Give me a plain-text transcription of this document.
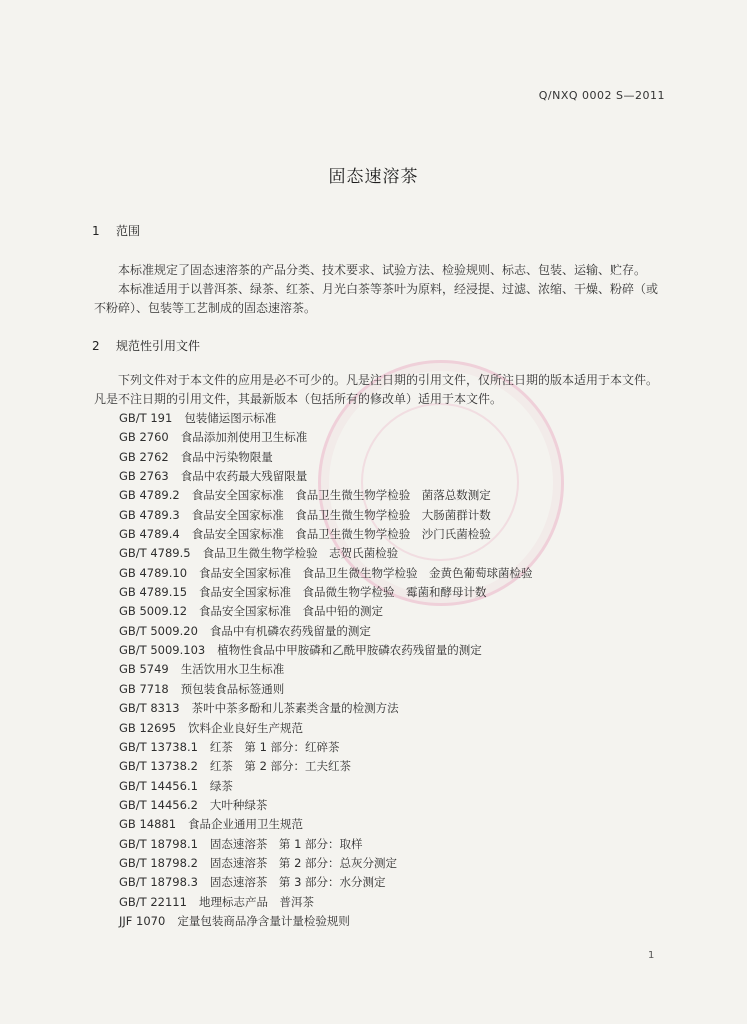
Q/NXQ 0002 S—2011
固态速溶茶
1 范围

本标准规定了固态速溶茶的产品分类、技术要求、试验方法、检验规则、标志、包装、运输、贮存。

本标准适用于以普洱茶、绿茶、红茶、月光白茶等茶叶为原料，经浸提、过滤、浓缩、干燥、粉碎（或不粉碎）、包装等工艺制成的固态速溶茶。

2 规范性引用文件

下列文件对于本文件的应用是必不可少的。凡是注日期的引用文件，仅所注日期的版本适用于本文件。凡是不注日期的引用文件，其最新版本（包括所有的修改单）适用于本文件。

GB/T 191 包装储运图示标准
GB 2760 食品添加剂使用卫生标准
GB 2762 食品中污染物限量
GB 2763 食品中农药最大残留限量
GB 4789.2 食品安全国家标准　食品卫生微生物学检验　菌落总数测定
GB 4789.3 食品安全国家标准　食品卫生微生物学检验　大肠菌群计数
GB 4789.4 食品安全国家标准　食品卫生微生物学检验　沙门氏菌检验
GB/T 4789.5 食品卫生微生物学检验　志贺氏菌检验
GB 4789.10 食品安全国家标准　食品卫生微生物学检验　金黄色葡萄球菌检验
GB 4789.15 食品安全国家标准　食品微生物学检验　霉菌和酵母计数
GB 5009.12 食品安全国家标准　食品中铅的测定
GB/T 5009.20 食品中有机磷农药残留量的测定
GB/T 5009.103 植物性食品中甲胺磷和乙酰甲胺磷农药残留量的测定
GB 5749 生活饮用水卫生标准
GB 7718 预包装食品标签通则
GB/T 8313 茶叶中茶多酚和儿茶素类含量的检测方法
GB 12695 饮料企业良好生产规范
GB/T 13738.1 红茶　第 1 部分：红碎茶
GB/T 13738.2 红茶　第 2 部分：工夫红茶
GB/T 14456.1 绿茶
GB/T 14456.2 大叶种绿茶
GB 14881 食品企业通用卫生规范
GB/T 18798.1 固态速溶茶　第 1 部分：取样
GB/T 18798.2 固态速溶茶　第 2 部分：总灰分测定
GB/T 18798.3 固态速溶茶　第 3 部分：水分测定
GB/T 22111 地理标志产品　普洱茶
JJF 1070 定量包装商品净含量计量检验规则
1
